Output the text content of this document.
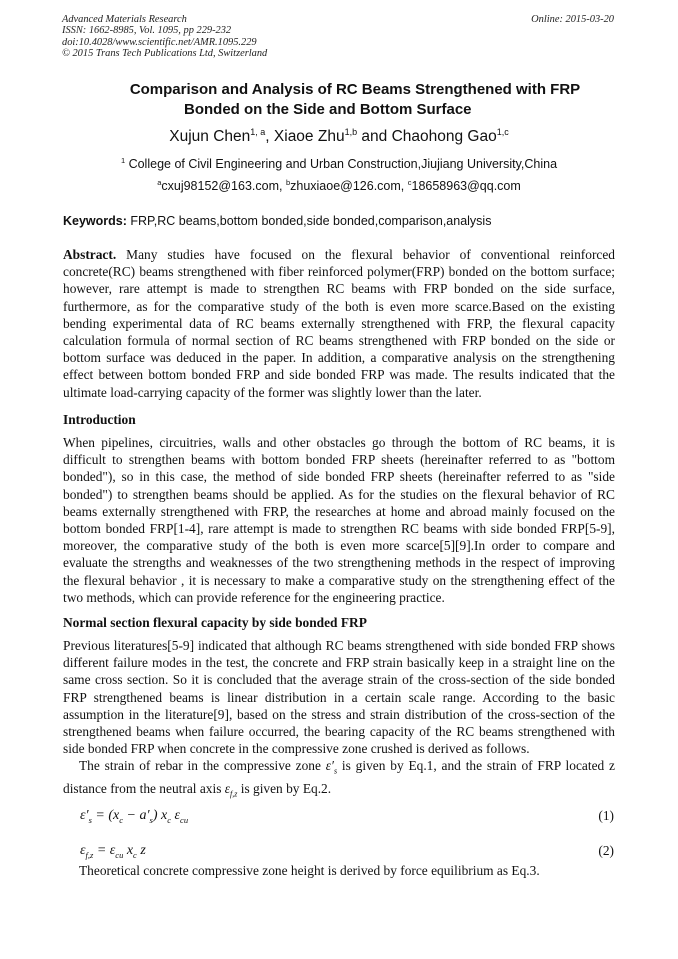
Advanced Materials Research
ISSN: 1662-8985, Vol. 1095, pp 229-232
doi:10.4028/www.scientific.net/AMR.1095.229
© 2015 Trans Tech Publications Ltd, Switzerland
Online: 2015-03-20
Comparison and Analysis of RC Beams Strengthened with FRP
Bonded on the Side and Bottom Surface
Xujun Chen$^{1, a}$, Xiaoe Zhu$^{1,b}$ and Chaohong Gao$^{1,c}$
$^1$ College of Civil Engineering and Urban Construction,Jiujiang University,China
$^a$cxuj98152@163.com, $^b$zhuxiaoe@126.com, $^c$18658963@qq.com
Keywords: FRP,RC beams,bottom bonded,side bonded,comparison,analysis
Abstract. Many studies have focused on the flexural behavior of conventional reinforced concrete(RC) beams strengthened with fiber reinforced polymer(FRP) bonded on the bottom surface; however, rare attempt is made to strengthen RC beams with FRP bonded on the side surface, furthermore, as for the comparative study of the both is even more scarce.Based on the existing bending experimental data of RC beams externally strengthened with FRP, the flexural capacity calculation formula of normal section of RC beams strengthened with FRP bonded on the side or bottom surface was deduced in the paper. In addition, a comparative analysis on the strengthening effect between bottom bonded FRP and side bonded FRP was made. The results indicated that the ultimate load-carrying capacity of the former was slightly lower than the later.
Introduction
When pipelines, circuitries, walls and other obstacles go through the bottom of RC beams, it is difficult to strengthen beams with bottom bonded FRP sheets (hereinafter referred to as "bottom bonded"), so in this case, the method of side bonded FRP sheets (hereinafter referred to as "side bonded") to strengthen beams should be applied. As for the studies on the flexural behavior of RC beams externally strengthened with FRP, the researches at home and abroad mainly focused on the bottom bonded FRP[1-4], rare attempt is made to strengthen RC beams with side bonded FRP[5-9], moreover, the comparative study of the both is even more scarce[5][9].In order to compare and evaluate the strengths and weaknesses of the two strengthening methods in the respect of improving the flexural behavior , it is necessary to make a comparative study on the strengthening effect of the two methods, which can provide reference for the engineering practice.
Normal section flexural capacity by side bonded FRP
Previous literatures[5-9] indicated that although RC beams strengthened with side bonded FRP shows different failure modes in the test, the concrete and FRP strain basically keep in a straight line on the same cross section. So it is concluded that the average strain of the cross-section of the side bonded FRP strengthened beams is linear distribution in a certain scale range. According to the basic assumption in the literature[9], based on the stress and strain distribution of the cross-section of the strengthened beams when failure occurred, the bearing capacity of the RC beams strengthened with side bonded FRP when concrete in the compressive zone crushed is derived as follows.
The strain of rebar in the compressive zone $\varepsilon'_s$ is given by Eq.1, and the strain of FRP located z distance from the neutral axis $\varepsilon_{f,z}$ is given by Eq.2.
$\varepsilon'_s = (x_c - a'_s)$ $x_c$ $\varepsilon_{cu}$	(1)
$\varepsilon_{f,z} = \varepsilon_{cu}$ $x_c$ z	(2)
Theoretical concrete compressive zone height is derived by force equilibrium as Eq.3.
